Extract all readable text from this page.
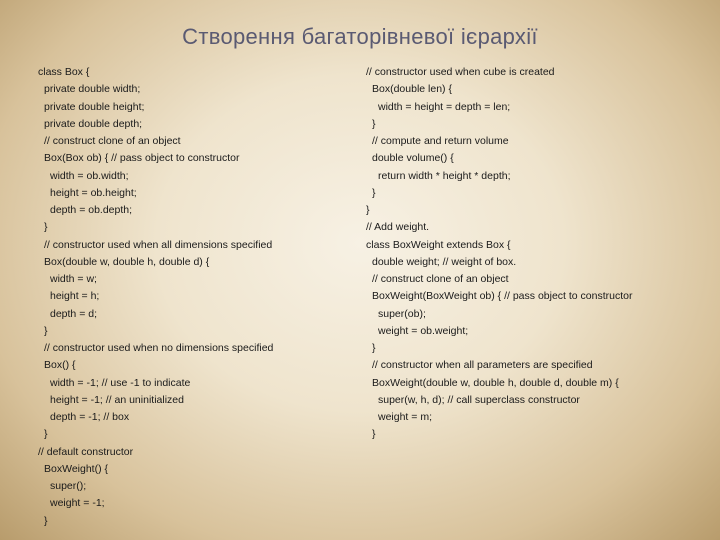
Створення багаторівневої ієрархії
class Box {
private double width;
private double height;
private double depth;
// construct clone of an object
Box(Box ob) { // pass object to constructor
width = ob.width;
height = ob.height;
depth = ob.depth;
}
// constructor used when all dimensions specified
Box(double w, double h, double d) {
width = w;
height = h;
depth = d;
}
// constructor used when no dimensions specified
Box() {
width = -1; // use -1 to indicate
height = -1; // an uninitialized
depth = -1; // box
}
// default constructor
BoxWeight() {
super();
weight = -1;
}
// constructor used when cube is created
Box(double len) {
width = height = depth = len;
}
// compute and return volume
double volume() {
return width * height * depth;
}
}
// Add weight.
class BoxWeight extends Box {
double weight; // weight of box.
// construct clone of an object
BoxWeight(BoxWeight ob) { // pass object to constructor
super(ob);
weight = ob.weight;
}
// constructor when all parameters are specified
BoxWeight(double w, double h, double d, double m) {
super(w, h, d); // call superclass constructor
weight = m;
}
